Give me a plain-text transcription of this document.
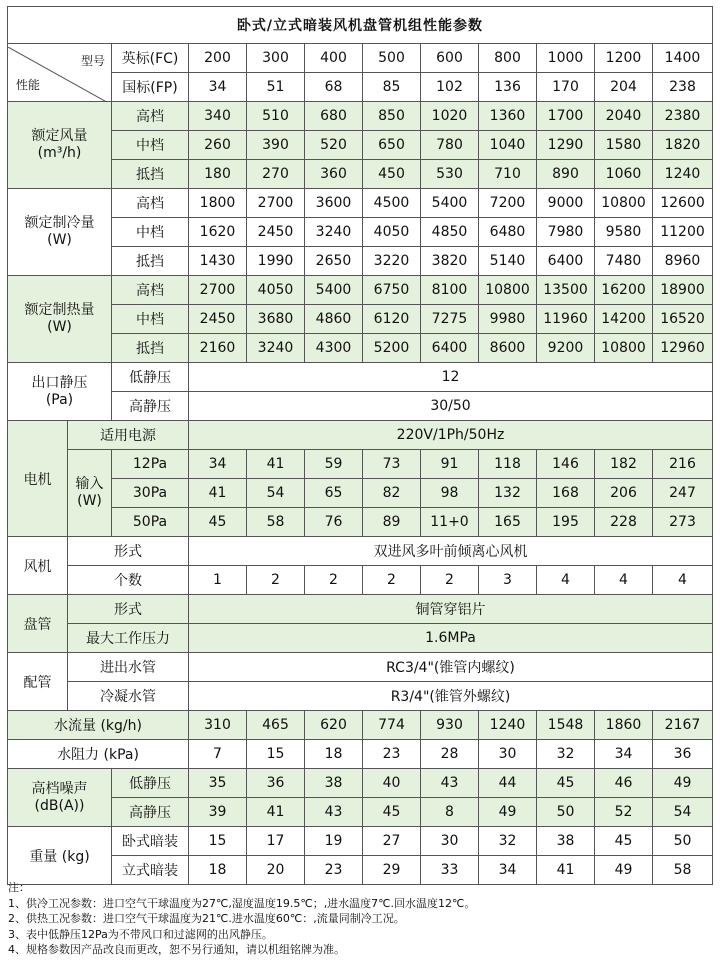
卧式/立式暗装风机盘管机组性能参数											

型号
性能		英标(FC)	200	300	400	500	600	800	1000	1200	1400
		国标(FP)	34	51	68	85	102	136	170	204	238
额定风量
(m³/h)		高档	340	510	680	850	1020	1360	1700	2040	2380
		中档	260	390	520	650	780	1040	1290	1580	1820
		抵挡	180	270	360	450	530	710	890	1060	1240
额定制冷量
(W)		高档	1800	2700	3600	4500	5400	7200	9000	10800	12600
		中档	1620	2450	3240	4050	4850	6480	7980	9580	11200
		抵挡	1430	1990	2650	3220	3820	5140	6400	7480	8960
额定制热量
(W)		高档	2700	4050	5400	6750	8100	10800	13500	16200	18900
		中档	2450	3680	4860	6120	7275	9980	11960	14200	16520
		抵挡	2160	3240	4300	5200	6400	8600	9200	10800	12960
出口静压
(Pa)		低静压	12								
		高静压	30/50								
电机	适用电源		220V/1Ph/50Hz								
	输入
(W)	12Pa	34	41	59	73	91	118	146	182	216
		30Pa	41	54	65	82	98	132	168	206	247
		50Pa	45	58	76	89	11+0	165	195	228	273
风机	形式		双进风多叶前倾离心风机								
	个数		1	2	2	2	2	3	4	4	4
盘管	形式		铜管穿铝片								
	最大工作压力		1.6MPa								
配管	进出水管		RC3/4"(锥管内螺纹)								
	冷凝水管		R3/4"(锥管外螺纹)								
水流量 (kg/h)			310	465	620	774	930	1240	1548	1860	2167
水阻力 (kPa)			7	15	18	23	28	30	32	34	36
高档噪声
(dB(A))		低静压	35	36	38	40	43	44	45	46	49
		高静压	39	41	43	45	8	49	50	52	54
重量 (kg)		卧式暗装	15	17	19	27	30	32	38	45	50
		立式暗装	18	20	23	29	33	34	41	49	58
注：
1、供冷工况参数：进口空气干球温度为27℃,湿度温度19.5℃；,进水温度7℃.回水温度12℃。
2、供热工况参数：进口空气干球温度为21℃.进水温度60℃：,流量同制冷工况。
3、表中低静压12Pa为不带风口和过滤网的出风静压。
4、规格参数因产品改良而更改，恕不另行通知，请以机组铭牌为准。
